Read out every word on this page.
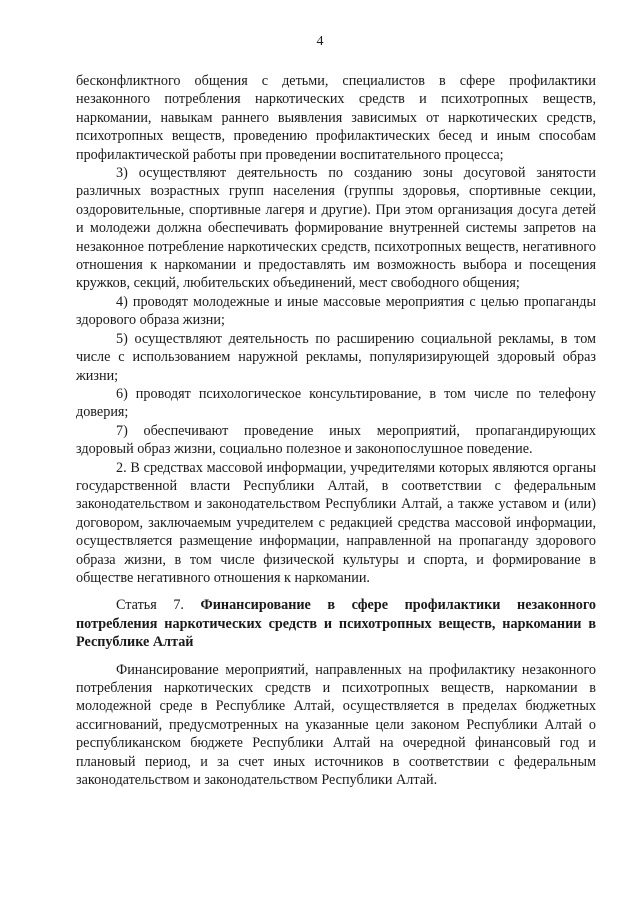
4

бесконфликтного общения с детьми, специалистов в сфере профилактики незаконного потребления наркотических средств и психотропных веществ, наркомании, навыкам раннего выявления зависимых от наркотических средств, психотропных веществ, проведению профилактических бесед и иным способам профилактической работы при проведении воспитательного процесса;

3) осуществляют деятельность по созданию зоны досуговой занятости различных возрастных групп населения (группы здоровья, спортивные секции, оздоровительные, спортивные лагеря и другие). При этом организация досуга детей и молодежи должна обеспечивать формирование внутренней системы запретов на незаконное потребление наркотических средств, психотропных веществ, негативного отношения к наркомании и предоставлять им возможность выбора и посещения кружков, секций, любительских объединений, мест свободного общения;

4) проводят молодежные и иные массовые мероприятия с целью пропаганды здорового образа жизни;

5) осуществляют деятельность по расширению социальной рекламы, в том числе с использованием наружной рекламы, популяризирующей здоровый образ жизни;

6) проводят психологическое консультирование, в том числе по телефону доверия;

7) обеспечивают проведение иных мероприятий, пропагандирующих здоровый образ жизни, социально полезное и законопослушное поведение.

2. В средствах массовой информации, учредителями которых являются органы государственной власти Республики Алтай, в соответствии с федеральным законодательством и законодательством Республики Алтай, а также уставом и (или) договором, заключаемым учредителем с редакцией средства массовой информации, осуществляется размещение информации, направленной на пропаганду здорового образа жизни, в том числе физической культуры и спорта, и формирование в обществе негативного отношения к наркомании.

Статья 7. Финансирование в сфере профилактики незаконного потребления наркотических средств и психотропных веществ, наркомании в Республике Алтай

Финансирование мероприятий, направленных на профилактику незаконного потребления наркотических средств и психотропных веществ, наркомании в молодежной среде в Республике Алтай, осуществляется в пределах бюджетных ассигнований, предусмотренных на указанные цели законом Республики Алтай о республиканском бюджете Республики Алтай на очередной финансовый год и плановый период, и за счет иных источников в соответствии с федеральным законодательством и законодательством Республики Алтай.
